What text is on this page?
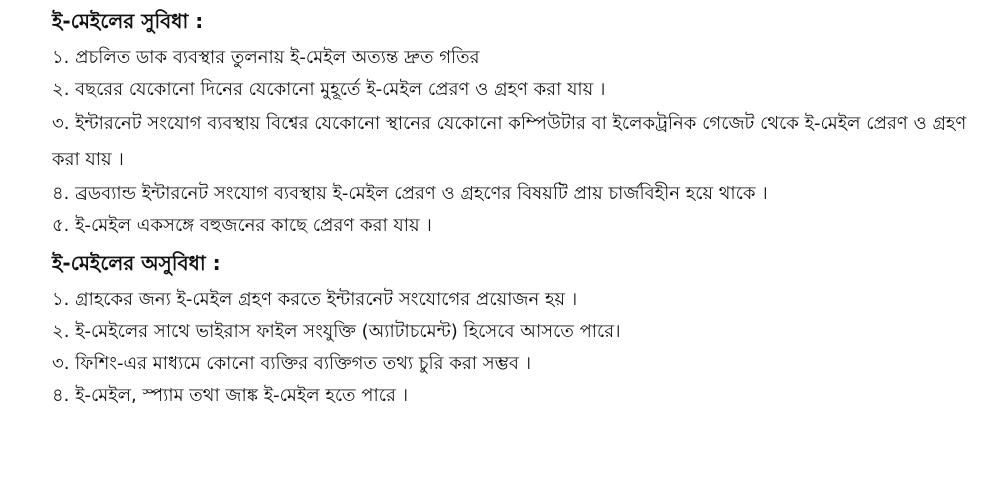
ই-মেইলের সুবিধা :
১. প্রচলিত ডাক ব্যবস্থার তুলনায় ই-মেইল অত্যন্ত দ্রুত গতির
২. বছরের যেকোনো দিনের যেকোনো মুহূর্তে ই-মেইল প্রেরণ ও গ্রহণ করা যায় ।
৩. ইন্টারনেট সংযোগ ব্যবস্থায় বিশ্বের যেকোনো স্থানের যেকোনো কম্পিউটার বা ইলেকট্রনিক গেজেট থেকে ই-মেইল প্রেরণ ও গ্রহণ করা যায় ।
৪. ব্রডব্যান্ড ইন্টারনেট সংযোগ ব্যবস্থায় ই-মেইল প্রেরণ ও গ্রহণের বিষয়টি প্রায় চার্জবিহীন হয়ে থাকে ।
৫. ই-মেইল একসঙ্গে বহুজনের কাছে প্রেরণ করা যায় ।
ই-মেইলের অসুবিধা :
১. গ্রাহকের জন্য ই-মেইল গ্রহণ করতে ইন্টারনেট সংযোগের প্রয়োজন হয় ।
২. ই-মেইলের সাথে ভাইরাস ফাইল সংযুক্তি (অ্যাটাচমেন্ট) হিসেবে আসতে পারে।
৩. ফিশিং-এর মাধ্যমে কোনো ব্যক্তির ব্যক্তিগত তথ্য চুরি করা সম্ভব ।
৪. ই-মেইল, স্প্যাম তথা জাঙ্ক ই-মেইল হতে পারে ।
